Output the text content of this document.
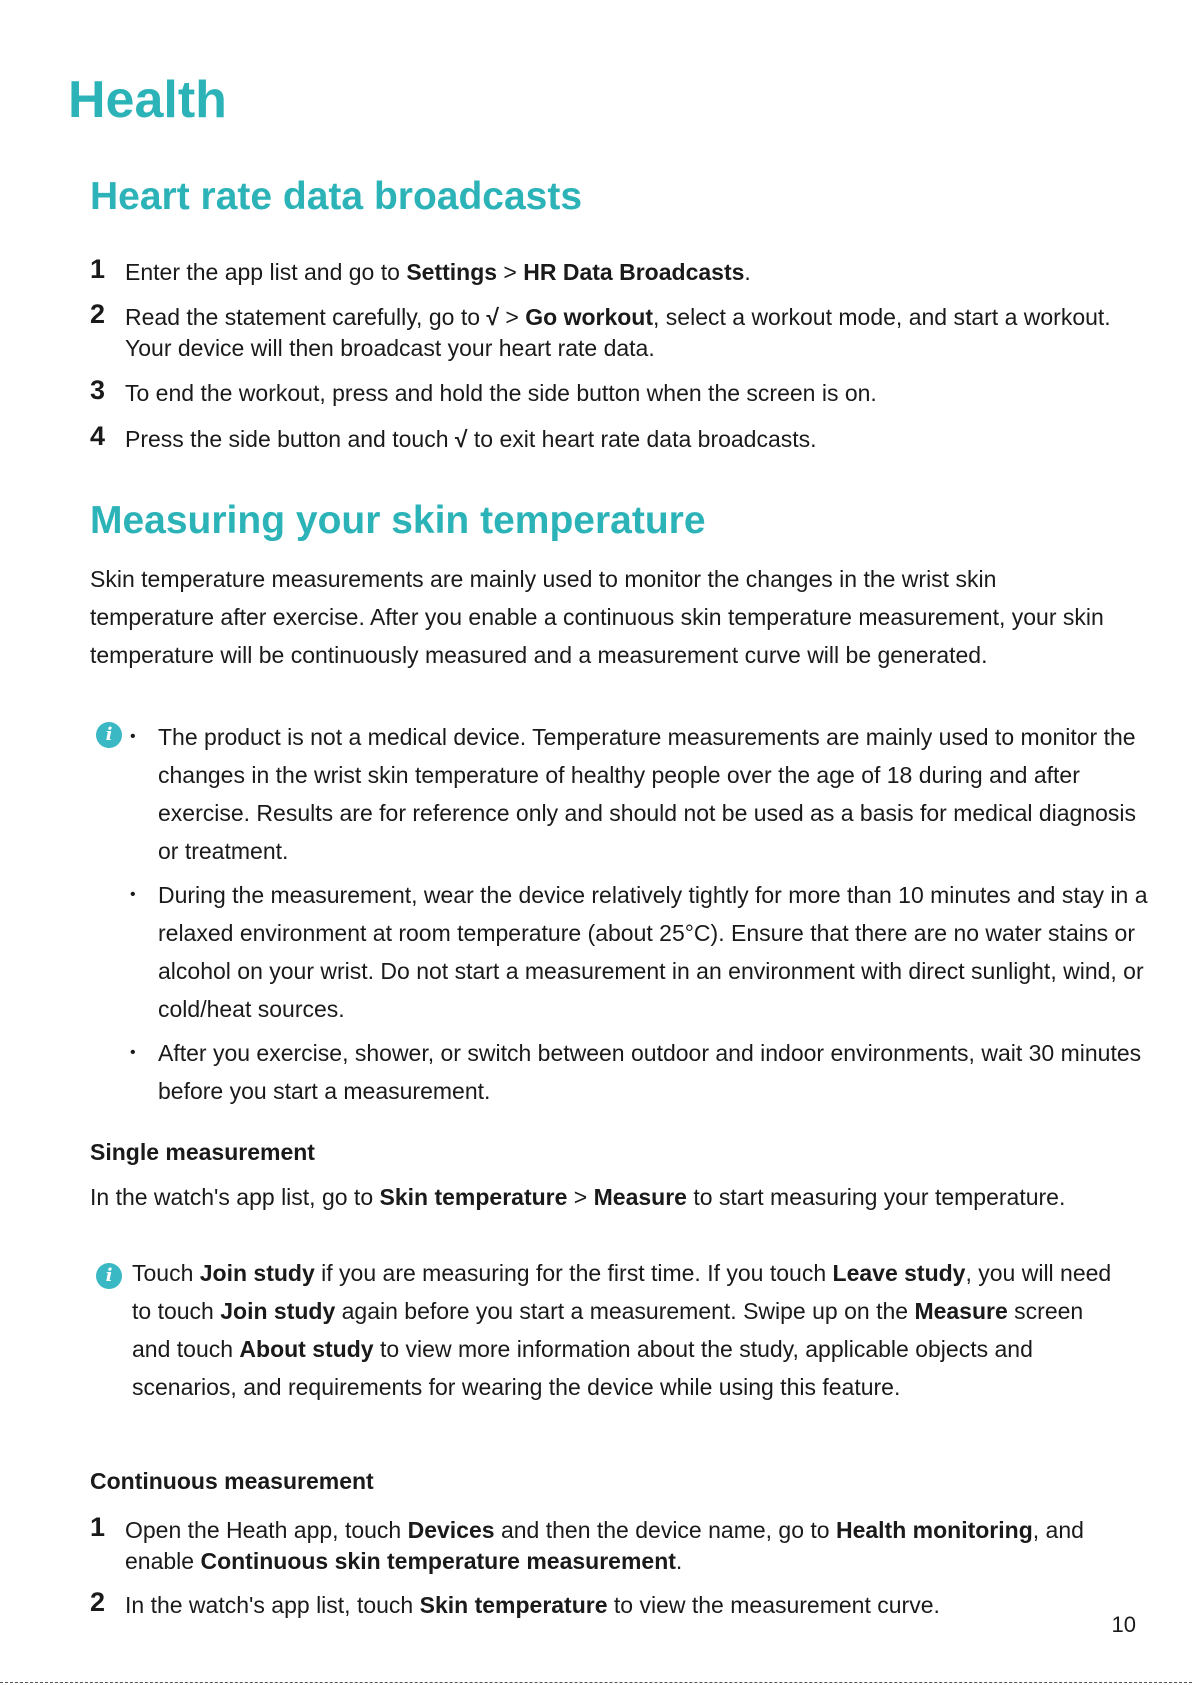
Health
Heart rate data broadcasts
1 Enter the app list and go to Settings > HR Data Broadcasts.
2 Read the statement carefully, go to √ > Go workout, select a workout mode, and start a workout. Your device will then broadcast your heart rate data.
3 To end the workout, press and hold the side button when the screen is on.
4 Press the side button and touch √ to exit heart rate data broadcasts.
Measuring your skin temperature

Skin temperature measurements are mainly used to monitor the changes in the wrist skin temperature after exercise. After you enable a continuous skin temperature measurement, your skin temperature will be continuously measured and a measurement curve will be generated.

i	• The product is not a medical device. Temperature measurements are mainly used to monitor the changes in the wrist skin temperature of healthy people over the age of 18 during and after exercise. Results are for reference only and should not be used as a basis for medical diagnosis or treatment.
• During the measurement, wear the device relatively tightly for more than 10 minutes and stay in a relaxed environment at room temperature (about 25°C). Ensure that there are no water stains or alcohol on your wrist. Do not start a measurement in an environment with direct sunlight, wind, or cold/heat sources.
• After you exercise, shower, or switch between outdoor and indoor environments, wait 30 minutes before you start a measurement.
Single measurement

In the watch's app list, go to Skin temperature > Measure to start measuring your temperature.

i Touch Join study if you are measuring for the first time. If you touch Leave study, you will need to touch Join study again before you start a measurement. Swipe up on the Measure screen and touch About study to view more information about the study, applicable objects and scenarios, and requirements for wearing the device while using this feature.
Continuous measurement
1 Open the Heath app, touch Devices and then the device name, go to Health monitoring, and enable Continuous skin temperature measurement.
2 In the watch's app list, touch Skin temperature to view the measurement curve.
10
